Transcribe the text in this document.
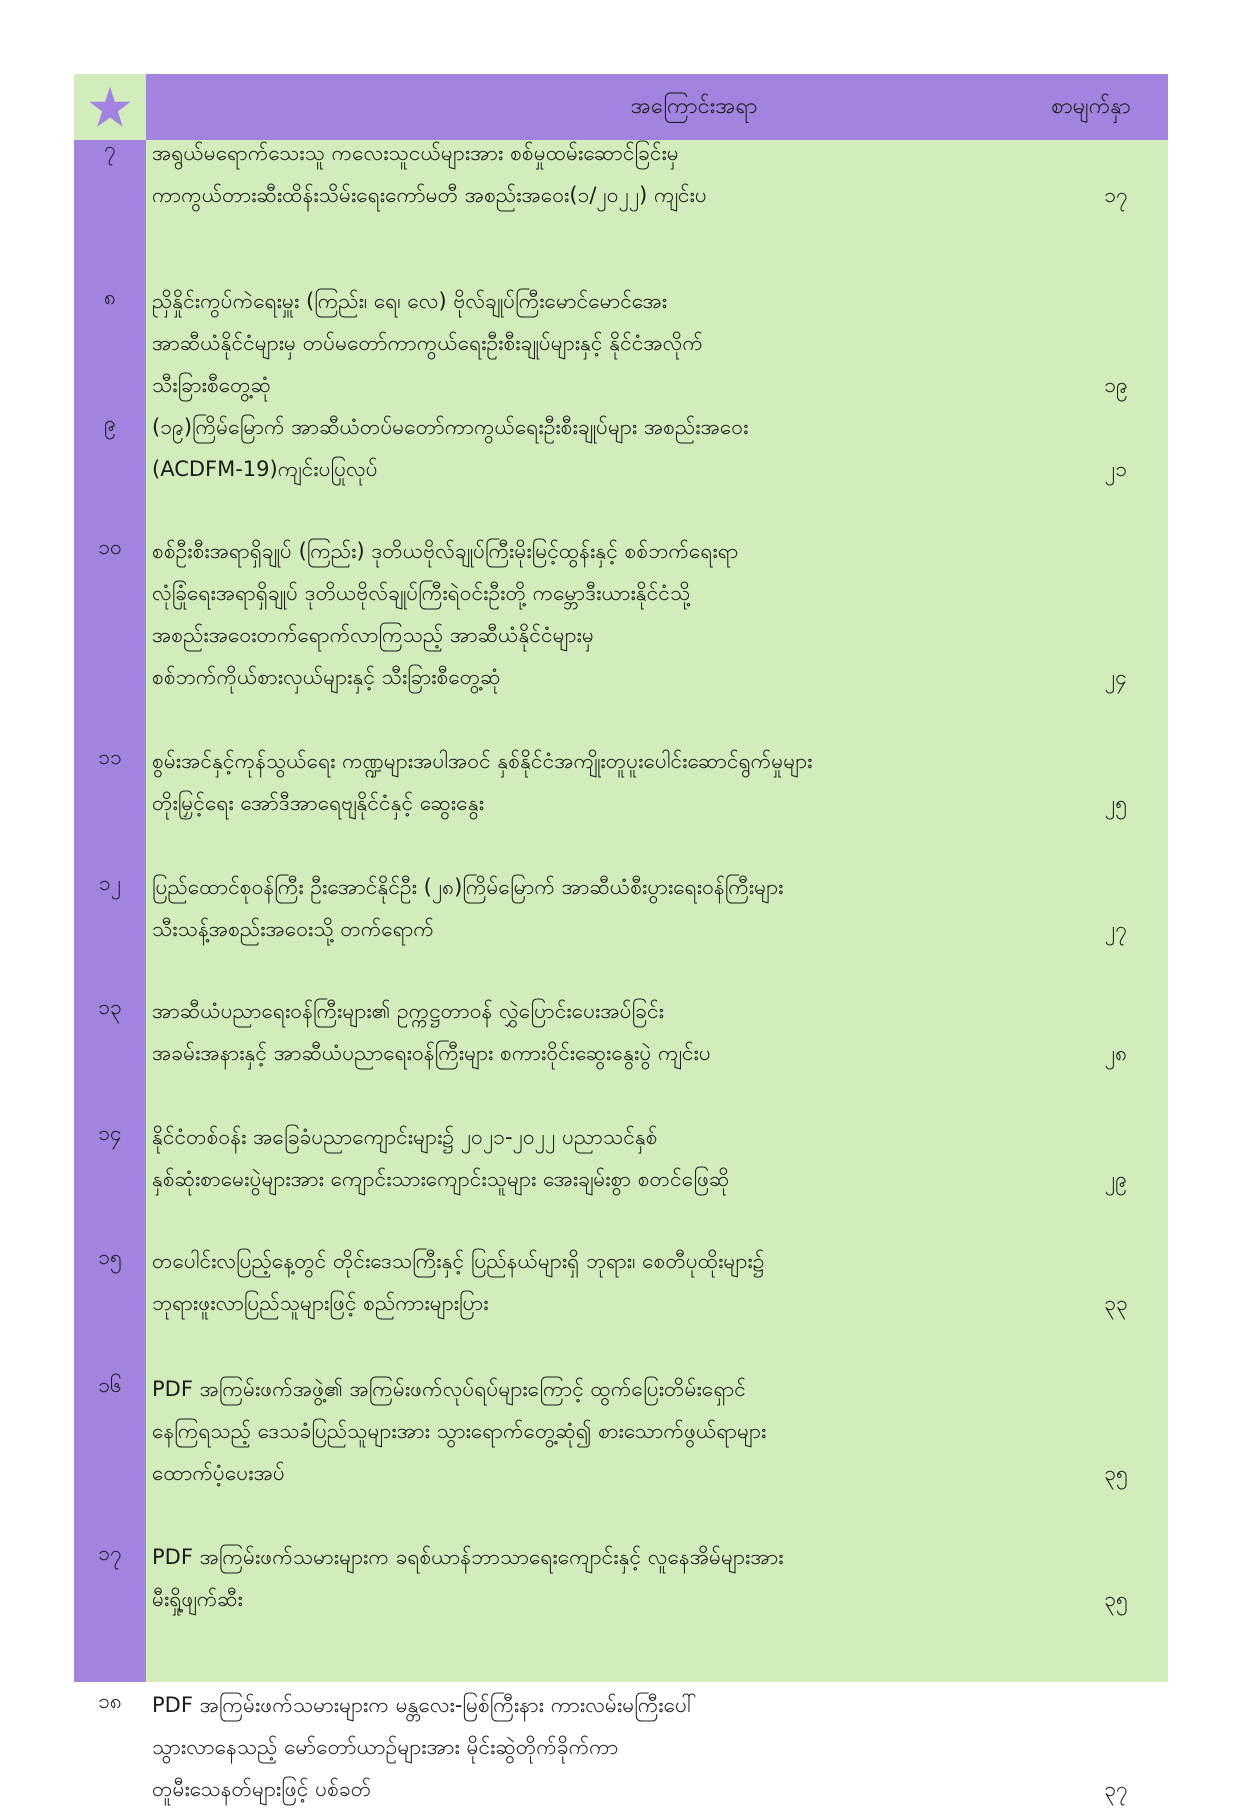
အကြောင်းအရာ	စာမျက်နှာ
၇	အရွယ်မရောက်သေးသူ ကလေးသူငယ်များအား စစ်မှုထမ်းဆောင်ခြင်းမှ
ကာကွယ်တားဆီးထိန်းသိမ်းရေးကော်မတီ အစည်းအဝေး(၁/၂၀၂၂) ကျင်းပ	၁၇
၈	ညှိနှိုင်းကွပ်ကဲရေးမှူး (ကြည်း၊ ရေ၊ လေ) ဗိုလ်ချုပ်ကြီးမောင်မောင်အေး
အာဆီယံနိုင်ငံများမှ တပ်မတော်ကာကွယ်ရေးဦးစီးချုပ်များနှင့် နိုင်ငံအလိုက်
သီးခြားစီတွေ့ဆုံ	၁၉
၉	(၁၉)ကြိမ်မြောက် အာဆီယံတပ်မတော်ကာကွယ်ရေးဦးစီးချုပ်များ အစည်းအဝေး
(ACDFM-19)ကျင်းပပြုလုပ်	၂၁
၁၀	စစ်ဦးစီးအရာရှိချုပ် (ကြည်း) ဒုတိယဗိုလ်ချုပ်ကြီးမိုးမြင့်ထွန်းနှင့် စစ်ဘက်ရေးရာ
လုံခြုံရေးအရာရှိချုပ် ဒုတိယဗိုလ်ချုပ်ကြီးရဲဝင်းဦးတို့ ကမ္ဘောဒီးယားနိုင်ငံသို့
အစည်းအဝေးတက်ရောက်လာကြသည့် အာဆီယံနိုင်ငံများမှ
စစ်ဘက်ကိုယ်စားလှယ်များနှင့် သီးခြားစီတွေ့ဆုံ	၂၄
၁၁	စွမ်းအင်နှင့်ကုန်သွယ်ရေး ကဏ္ဍများအပါအဝင် နှစ်နိုင်ငံအကျိုးတူပူးပေါင်းဆောင်ရွက်မှုများ
တိုးမြှင့်ရေး အော်ဒီအာရေဗျနိုင်ငံနှင့် ဆွေးနွေး	၂၅
၁၂	ပြည်ထောင်စုဝန်ကြီး ဦးအောင်နိုင်ဦး (၂၈)ကြိမ်မြောက် အာဆီယံစီးပွားရေးဝန်ကြီးများ
သီးသန့်အစည်းအဝေးသို့ တက်ရောက်	၂၇
၁၃	အာဆီယံပညာရေးဝန်ကြီးများ၏ ဥက္ကဋ္ဌတာဝန် လွှဲပြောင်းပေးအပ်ခြင်း
အခမ်းအနားနှင့် အာဆီယံပညာရေးဝန်ကြီးများ စကားဝိုင်းဆွေးနွေးပွဲ ကျင်းပ	၂၈
၁၄	နိုင်ငံတစ်ဝန်း အခြေခံပညာကျောင်းများ၌ ၂၀၂၁-၂၀၂၂ ပညာသင်နှစ်
နှစ်ဆုံးစာမေးပွဲများအား ကျောင်းသားကျောင်းသူများ အေးချမ်းစွာ စတင်ဖြေဆို	၂၉
၁၅	တပေါင်းလပြည့်နေ့တွင် တိုင်းဒေသကြီးနှင့် ပြည်နယ်များရှိ ဘုရား၊ စေတီပုထိုးများ၌
ဘုရားဖူးလာပြည်သူများဖြင့် စည်ကားများပြား	၃၃
၁၆	PDF အကြမ်းဖက်အဖွဲ့၏ အကြမ်းဖက်လုပ်ရပ်များကြောင့် ထွက်ပြေးတိမ်းရှောင်
နေကြရသည့် ဒေသခံပြည်သူများအား သွားရောက်တွေ့ဆုံ၍ စားသောက်ဖွယ်ရာများ
ထောက်ပံ့ပေးအပ်	၃၅
၁၇	PDF အကြမ်းဖက်သမားများက ခရစ်ယာန်ဘာသာရေးကျောင်းနှင့် လူနေအိမ်များအား
မီးရှို့ဖျက်ဆီး	၃၅
၁၈	PDF အကြမ်းဖက်သမားများက မန္တလေး-မြစ်ကြီးနား ကားလမ်းမကြီးပေါ်
သွားလာနေသည့် မော်တော်ယာဉ်များအား မိုင်းဆွဲတိုက်ခိုက်ကာ
တူမီးသေနတ်များဖြင့် ပစ်ခတ်	၃၇
